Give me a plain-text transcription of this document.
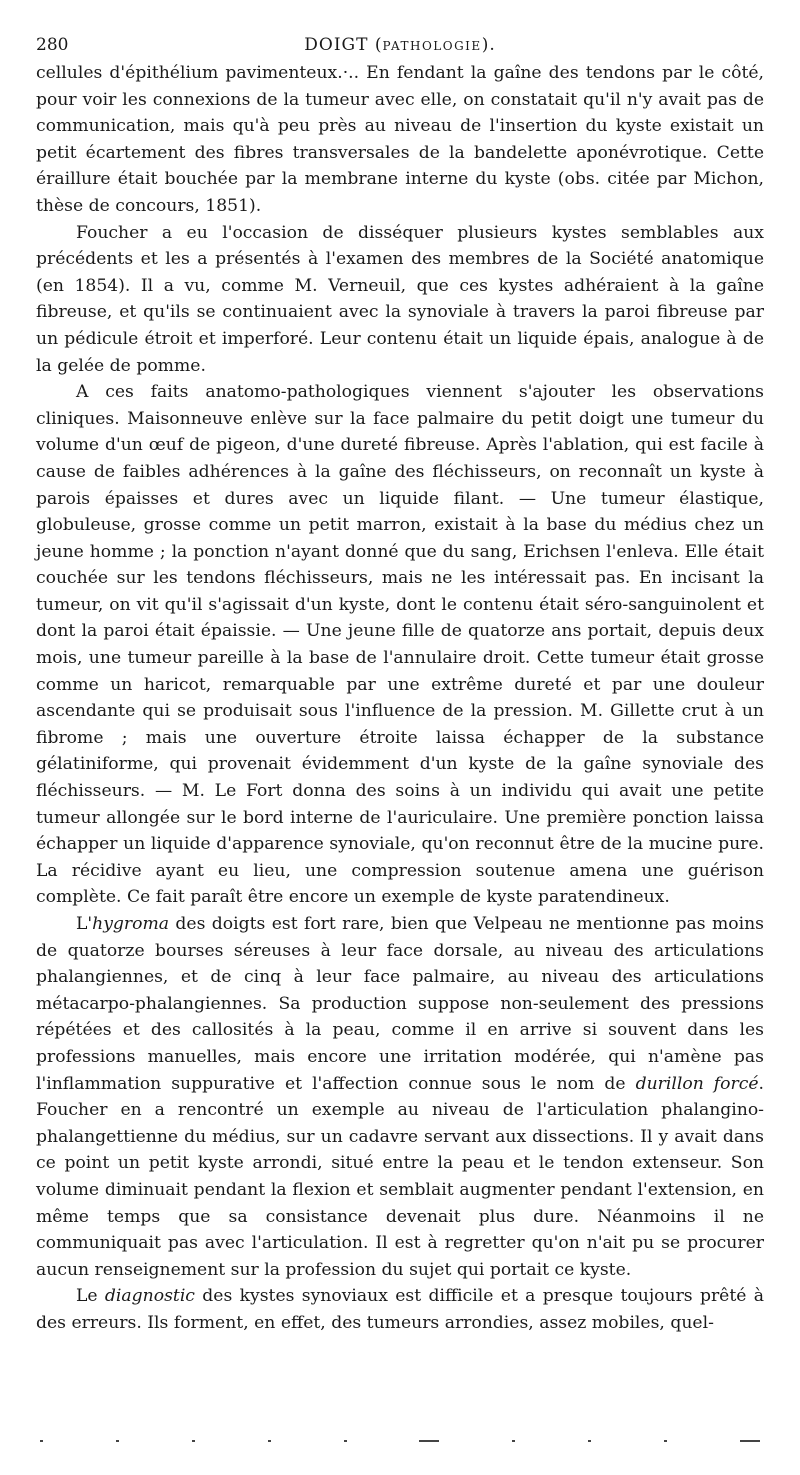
280	DOIGT (PATHOLOGIE).

cellules d'épithélium pavimenteux.·.. En fendant la gaîne des tendons par le côté, pour voir les connexions de la tumeur avec elle, on constatait qu'il n'y avait pas de communication, mais qu'à peu près au niveau de l'insertion du kyste existait un petit écartement des fibres transversales de la bandelette aponévrotique. Cette éraillure était bouchée par la membrane interne du kyste (obs. citée par Michon, thèse de concours, 1851).

Foucher a eu l'occasion de disséquer plusieurs kystes semblables aux précédents et les a présentés à l'examen des membres de la Société anatomique (en 1854). Il a vu, comme M. Verneuil, que ces kystes adhéraient à la gaîne fibreuse, et qu'ils se continuaient avec la synoviale à travers la paroi fibreuse par un pédicule étroit et imperforé. Leur contenu était un liquide épais, analogue à de la gelée de pomme.

A ces faits anatomo-pathologiques viennent s'ajouter les observations cliniques. Maisonneuve enlève sur la face palmaire du petit doigt une tumeur du volume d'un œuf de pigeon, d'une dureté fibreuse. Après l'ablation, qui est facile à cause de faibles adhérences à la gaîne des fléchisseurs, on reconnaît un kyste à parois épaisses et dures avec un liquide filant. — Une tumeur élastique, globuleuse, grosse comme un petit marron, existait à la base du médius chez un jeune homme ; la ponction n'ayant donné que du sang, Erichsen l'enleva. Elle était couchée sur les tendons fléchisseurs, mais ne les intéressait pas. En incisant la tumeur, on vit qu'il s'agissait d'un kyste, dont le contenu était séro-sanguinolent et dont la paroi était épaissie. — Une jeune fille de quatorze ans portait, depuis deux mois, une tumeur pareille à la base de l'annulaire droit. Cette tumeur était grosse comme un haricot, remarquable par une extrême dureté et par une douleur ascendante qui se produisait sous l'influence de la pression. M. Gillette crut à un fibrome ; mais une ouverture étroite laissa échapper de la substance gélatiniforme, qui provenait évidemment d'un kyste de la gaîne synoviale des fléchisseurs. — M. Le Fort donna des soins à un individu qui avait une petite tumeur allongée sur le bord interne de l'auriculaire. Une première ponction laissa échapper un liquide d'apparence synoviale, qu'on reconnut être de la mucine pure. La récidive ayant eu lieu, une compression soutenue amena une guérison complète. Ce fait paraît être encore un exemple de kyste paratendineux.

L'hygroma des doigts est fort rare, bien que Velpeau ne mentionne pas moins de quatorze bourses séreuses à leur face dorsale, au niveau des articulations phalangiennes, et de cinq à leur face palmaire, au niveau des articulations métacarpo-phalangiennes. Sa production suppose non-seulement des pressions répétées et des callosités à la peau, comme il en arrive si souvent dans les professions manuelles, mais encore une irritation modérée, qui n'amène pas l'inflammation suppurative et l'affection connue sous le nom de durillon forcé. Foucher en a rencontré un exemple au niveau de l'articulation phalangino-phalangettienne du médius, sur un cadavre servant aux dissections. Il y avait dans ce point un petit kyste arrondi, situé entre la peau et le tendon extenseur. Son volume diminuait pendant la flexion et semblait augmenter pendant l'extension, en même temps que sa consistance devenait plus dure. Néanmoins il ne communiquait pas avec l'articulation. Il est à regretter qu'on n'ait pu se procurer aucun renseignement sur la profession du sujet qui portait ce kyste.

Le diagnostic des kystes synoviaux est difficile et a presque toujours prêté à des erreurs. Ils forment, en effet, des tumeurs arrondies, assez mobiles, quel-
